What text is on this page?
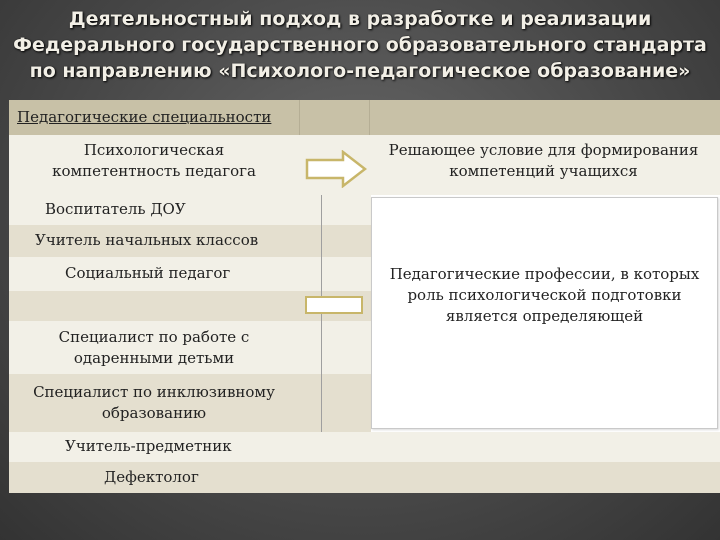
Деятельностный подход в разработке и реализации
Федерального государственного образовательного стандарта
по направлению «Психолого-педагогическое образование»
Педагогические специальности
Психологическая компетентность педагога
Решающее условие для формирования компетенций учащихся
Воспитатель ДОУ
Учитель начальных классов
Социальный педагог
Специалист по работе с одаренными детьми
Специалист по инклюзивному образованию
Учитель-предметник
Дефектолог
Педагогические профессии, в которых роль психологической подготовки является определяющей
